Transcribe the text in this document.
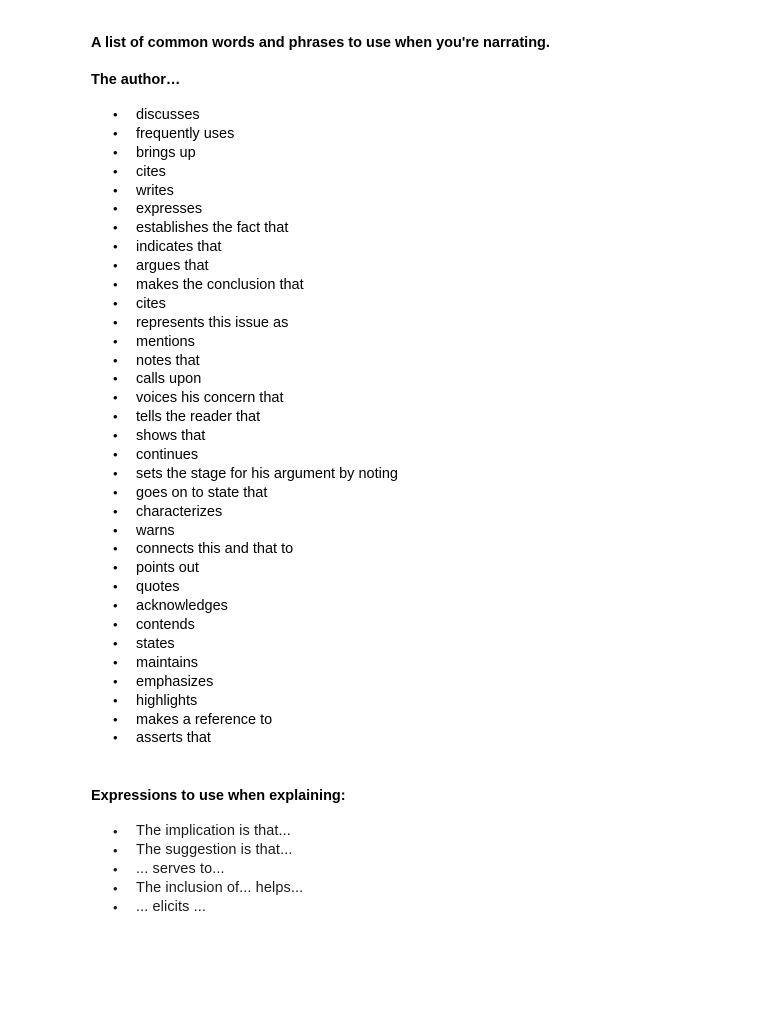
A list of common words and phrases to use when you're narrating.
The author…
• discusses
• frequently uses
• brings up
• cites
• writes
• expresses
• establishes the fact that
• indicates that
• argues that
• makes the conclusion that
• cites
• represents this issue as
• mentions
• notes that
• calls upon
• voices his concern that
• tells the reader that
• shows that
• continues
• sets the stage for his argument by noting
• goes on to state that
• characterizes
• warns
• connects this and that to
• points out
• quotes
• acknowledges
• contends
• states
• maintains
• emphasizes
• highlights
• makes a reference to
• asserts that
Expressions to use when explaining:
• The implication is that...
• The suggestion is that...
• ... serves to...
• The inclusion of... helps...
• ... elicits ...
